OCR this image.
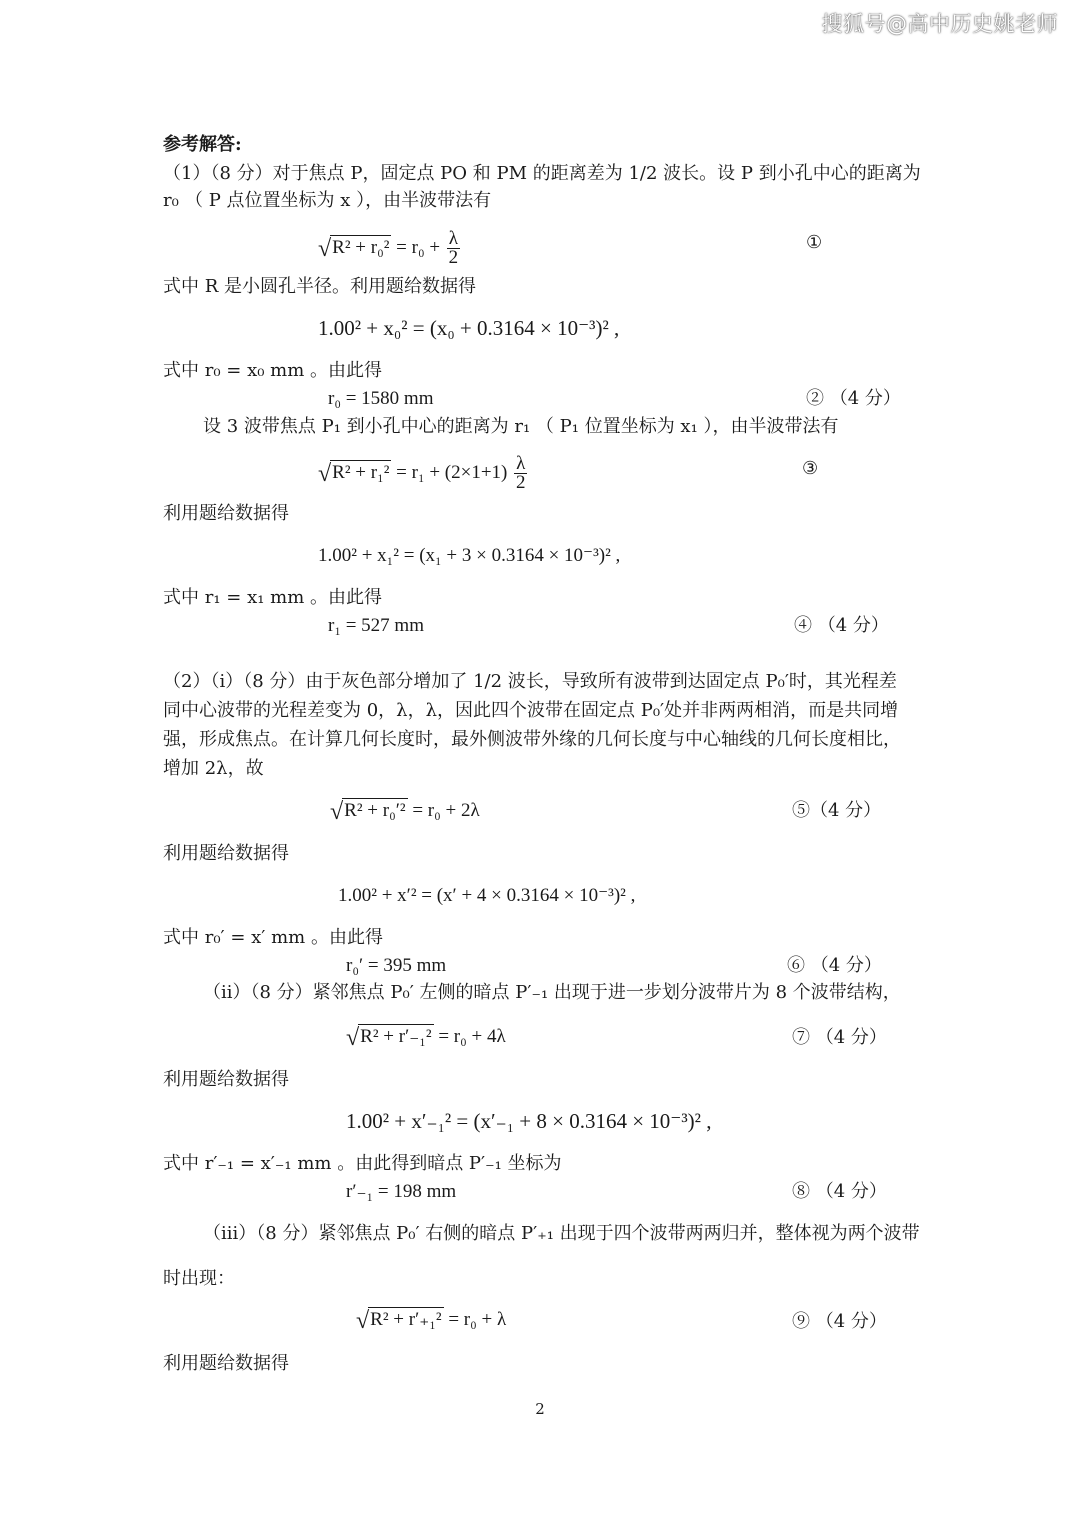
搜狐号@高中历史姚老师
参考解答:
（1）（8 分）对于焦点 P，固定点 PO 和 PM 的距离差为 1/2 波长。设 P 到小孔中心的距离为
r₀ （ P 点位置坐标为 x ），由半波带法有
$√R^2 + r_0^2 = r_0 + \frac{\lambda}{2}$	①
式中 R 是小圆孔半径。利用题给数据得
1.00² + x₀² = (x₀ + 0.3164 × 10⁻³)² ,
式中 r₀ = x₀ mm 。由此得
r₀ = 1580 mm	② （4 分）
设 3 波带焦点 P₁ 到小孔中心的距离为 r₁ （ P₁ 位置坐标为 x₁ ），由半波带法有
$√R^2 + r_1^2 = r_1 + (2\times 1+1) \frac{\lambda}{2}$	③
利用题给数据得
1.00² + x₁² = (x₁ + 3 × 0.3164 × 10⁻³)² ,
式中 r₁ = x₁ mm 。由此得
r₁ = 527 mm	④ （4 分）
（2）（i）（8 分）由于灰色部分增加了 1/2 波长，导致所有波带到达固定点 P₀′时，其光程差
同中心波带的光程差变为 0，λ，λ，因此四个波带在固定点 P₀′处并非两两相消，而是共同增
强，形成焦点。在计算几何长度时，最外侧波带外缘的几何长度与中心轴线的几何长度相比，
增加 2λ，故
√R² + r₀′² = r₀ + 2λ	⑤（4 分）
利用题给数据得
1.00² + x′² = (x′ + 4 × 0.3164 × 10⁻³)² ,
式中 r₀′ = x′ mm 。由此得
r₀′ = 395 mm	⑥ （4 分）
（ii）（8 分）紧邻焦点 P₀′ 左侧的暗点 P′₋₁ 出现于进一步划分波带片为 8 个波带结构，
√R² + r′₋₁² = r₀ + 4λ	⑦ （4 分）
利用题给数据得
1.00² + x′₋₁² = (x′₋₁ + 8 × 0.3164 × 10⁻³)² ,
式中 r′₋₁ = x′₋₁ mm 。由此得到暗点 P′₋₁ 坐标为
r′₋₁ = 198 mm	⑧ （4 分）
（iii）（8 分）紧邻焦点 P₀′ 右侧的暗点 P′₊₁ 出现于四个波带两两归并，整体视为两个波带
时出现：
√R² + r′₊₁² = r₀ + λ	⑨ （4 分）
利用题给数据得
2
